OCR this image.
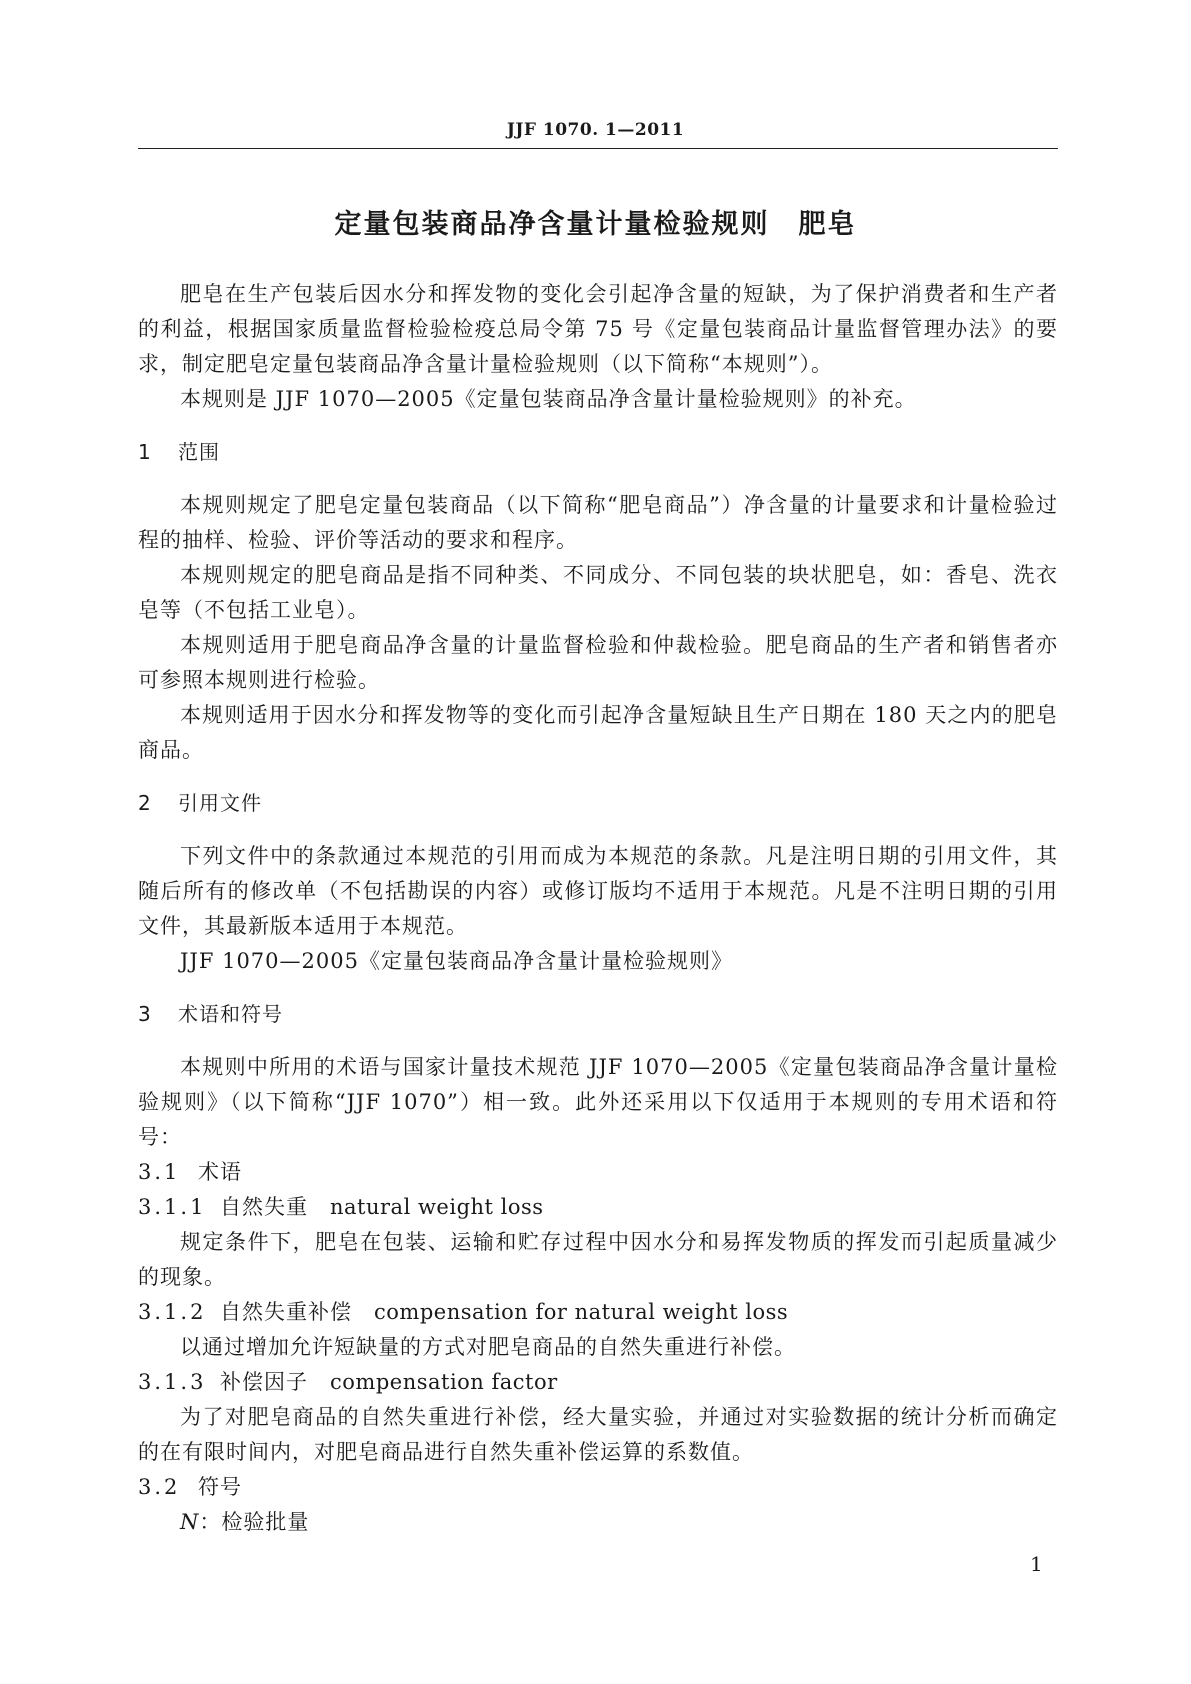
JJF 1070. 1—2011
定量包装商品净含量计量检验规则　肥皂

肥皂在生产包装后因水分和挥发物的变化会引起净含量的短缺，为了保护消费者和生产者的利益，根据国家质量监督检验检疫总局令第 75 号《定量包装商品计量监督管理办法》的要求，制定肥皂定量包装商品净含量计量检验规则（以下简称“本规则”）。

本规则是 JJF 1070—2005《定量包装商品净含量计量检验规则》的补充。

1 范围

本规则规定了肥皂定量包装商品（以下简称“肥皂商品”）净含量的计量要求和计量检验过程的抽样、检验、评价等活动的要求和程序。

本规则规定的肥皂商品是指不同种类、不同成分、不同包装的块状肥皂，如：香皂、洗衣皂等（不包括工业皂）。

本规则适用于肥皂商品净含量的计量监督检验和仲裁检验。肥皂商品的生产者和销售者亦可参照本规则进行检验。

本规则适用于因水分和挥发物等的变化而引起净含量短缺且生产日期在 180 天之内的肥皂商品。

2 引用文件

下列文件中的条款通过本规范的引用而成为本规范的条款。凡是注明日期的引用文件，其随后所有的修改单（不包括勘误的内容）或修订版均不适用于本规范。凡是不注明日期的引用文件，其最新版本适用于本规范。

JJF 1070—2005《定量包装商品净含量计量检验规则》

3 术语和符号

本规则中所用的术语与国家计量技术规范 JJF 1070—2005《定量包装商品净含量计量检验规则》（以下简称“JJF 1070”）相一致。此外还采用以下仅适用于本规则的专用术语和符号：

3.1 术语
3.1.1 自然失重 natural weight loss

规定条件下，肥皂在包装、运输和贮存过程中因水分和易挥发物质的挥发而引起质量减少的现象。

3.1.2 自然失重补偿 compensation for natural weight loss

以通过增加允许短缺量的方式对肥皂商品的自然失重进行补偿。

3.1.3 补偿因子 compensation factor

为了对肥皂商品的自然失重进行补偿，经大量实验，并通过对实验数据的统计分析而确定的在有限时间内，对肥皂商品进行自然失重补偿运算的系数值。

3.2 符号

N：检验批量

1
